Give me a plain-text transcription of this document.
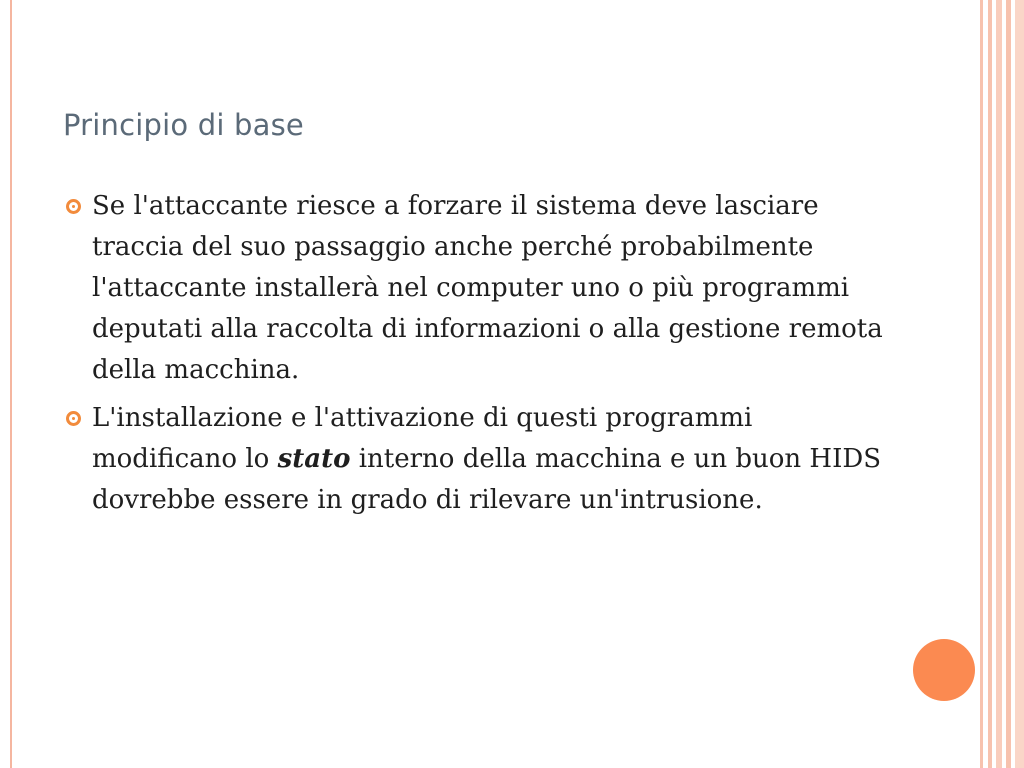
Principio di base
Se l'attaccante riesce a forzare il sistema deve lasciare traccia del suo passaggio anche perché probabilmente l'attaccante installerà nel computer uno o più programmi deputati alla raccolta di informazioni o alla gestione remota della macchina.
L'installazione e l'attivazione di questi programmi modificano lo stato interno della macchina e un buon HIDS dovrebbe essere in grado di rilevare un'intrusione.
